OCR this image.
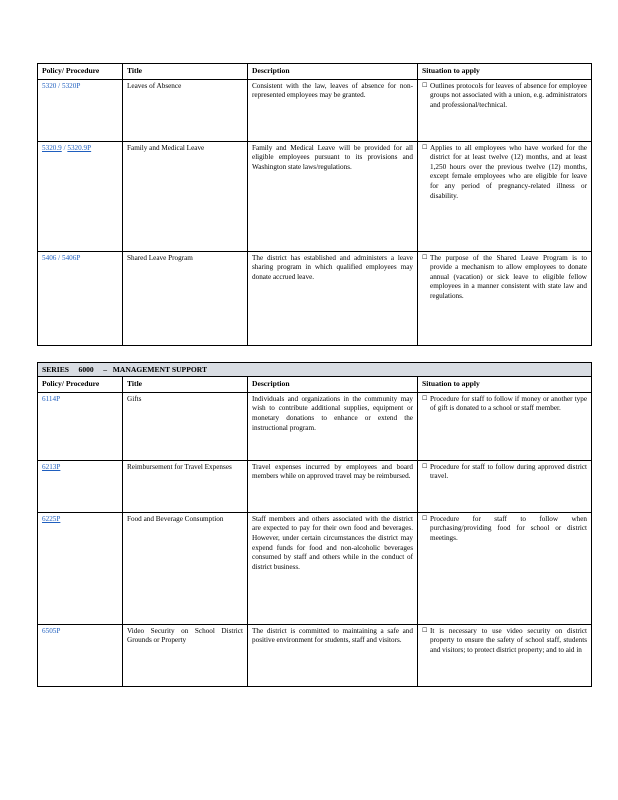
Policy/ Procedure	Title	Description	Situation to apply
5320 / 5320P	Leaves of Absence	Consistent with the law, leaves of absence for non-represented employees may be granted.	☐ Outlines protocols for leaves of absence for employee groups not associated with a union, e.g. administrators and professional/technical.

5320.9 / 5320.9P	Family and Medical Leave	Family and Medical Leave will be provided for all eligible employees pursuant to its provisions and Washington state laws/regulations.	☐ Applies to all employees who have worked for the district for at least twelve (12) months, and at least 1,250 hours over the previous twelve (12) months, except female employees who are eligible for leave for any period of pregnancy-related illness or disability.

5406 / 5406P	Shared Leave Program	The district has established and administers a leave sharing program in which qualified employees may donate accrued leave.	☐ The purpose of the Shared Leave Program is to provide a mechanism to allow employees to donate annual (vacation) or sick leave to eligible fellow employees in a manner consistent with state law and regulations.
SERIES 6000 – MANAGEMENT SUPPORT			
Policy/ Procedure	Title	Description	Situation to apply
6114P	Gifts	Individuals and organizations in the community may wish to contribute additional supplies, equipment or monetary donations to enhance or extend the instructional program.	☐ Procedure for staff to follow if money or another type of gift is donated to a school or staff member.

6213P	Reimbursement for Travel Expenses	Travel expenses incurred by employees and board members while on approved travel may be reimbursed.	☐ Procedure for staff to follow during approved district travel.

6225P	Food and Beverage Consumption	Staff members and others associated with the district are expected to pay for their own food and beverages. However, under certain circumstances the district may expend funds for food and non-alcoholic beverages consumed by staff and others while in the conduct of district business.	☐ Procedure for staff to follow when purchasing/providing food for school or district meetings.

6505P	Video Security on School District Grounds or Property	The district is committed to maintaining a safe and positive environment for students, staff and visitors.	☐ It is necessary to use video security on district property to ensure the safety of school staff, students and visitors; to protect district property; and to aid in
